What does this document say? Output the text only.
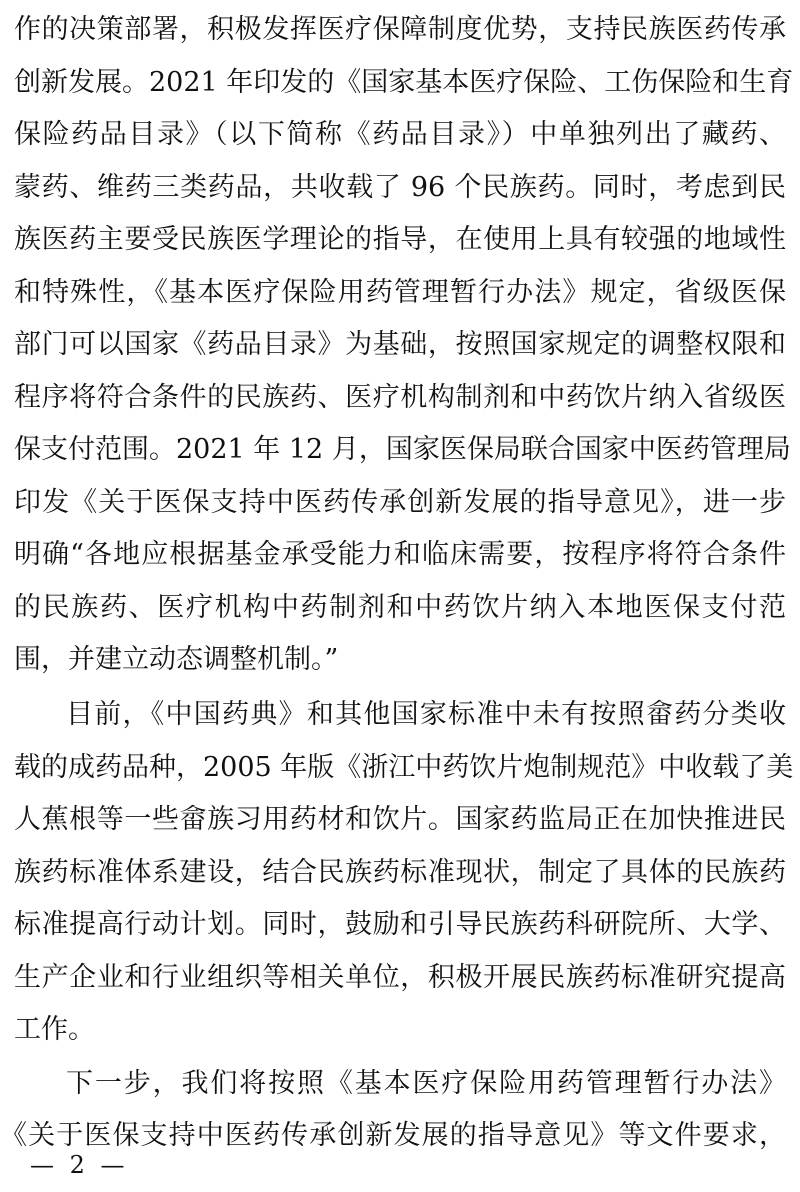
作的决策部署，积极发挥医疗保障制度优势，支持民族医药传承
创新发展。2021 年印发的《国家基本医疗保险、工伤保险和生育
保险药品目录》（以下简称《药品目录》）中单独列出了藏药、
蒙药、维药三类药品，共收载了 96 个民族药。同时，考虑到民
族医药主要受民族医学理论的指导，在使用上具有较强的地域性
和特殊性，《基本医疗保险用药管理暂行办法》规定，省级医保
部门可以国家《药品目录》为基础，按照国家规定的调整权限和
程序将符合条件的民族药、医疗机构制剂和中药饮片纳入省级医
保支付范围。2021 年 12 月，国家医保局联合国家中医药管理局
印发《关于医保支持中医药传承创新发展的指导意见》，进一步
明确“各地应根据基金承受能力和临床需要，按程序将符合条件
的民族药、医疗机构中药制剂和中药饮片纳入本地医保支付范
围，并建立动态调整机制。”
目前，《中国药典》和其他国家标准中未有按照畲药分类收
载的成药品种，2005 年版《浙江中药饮片炮制规范》中收载了美
人蕉根等一些畲族习用药材和饮片。国家药监局正在加快推进民
族药标准体系建设，结合民族药标准现状，制定了具体的民族药
标准提高行动计划。同时，鼓励和引导民族药科研院所、大学、
生产企业和行业组织等相关单位，积极开展民族药标准研究提高
工作。
下一步，我们将按照《基本医疗保险用药管理暂行办法》
《关于医保支持中医药传承创新发展的指导意见》等文件要求，
— 2 —
